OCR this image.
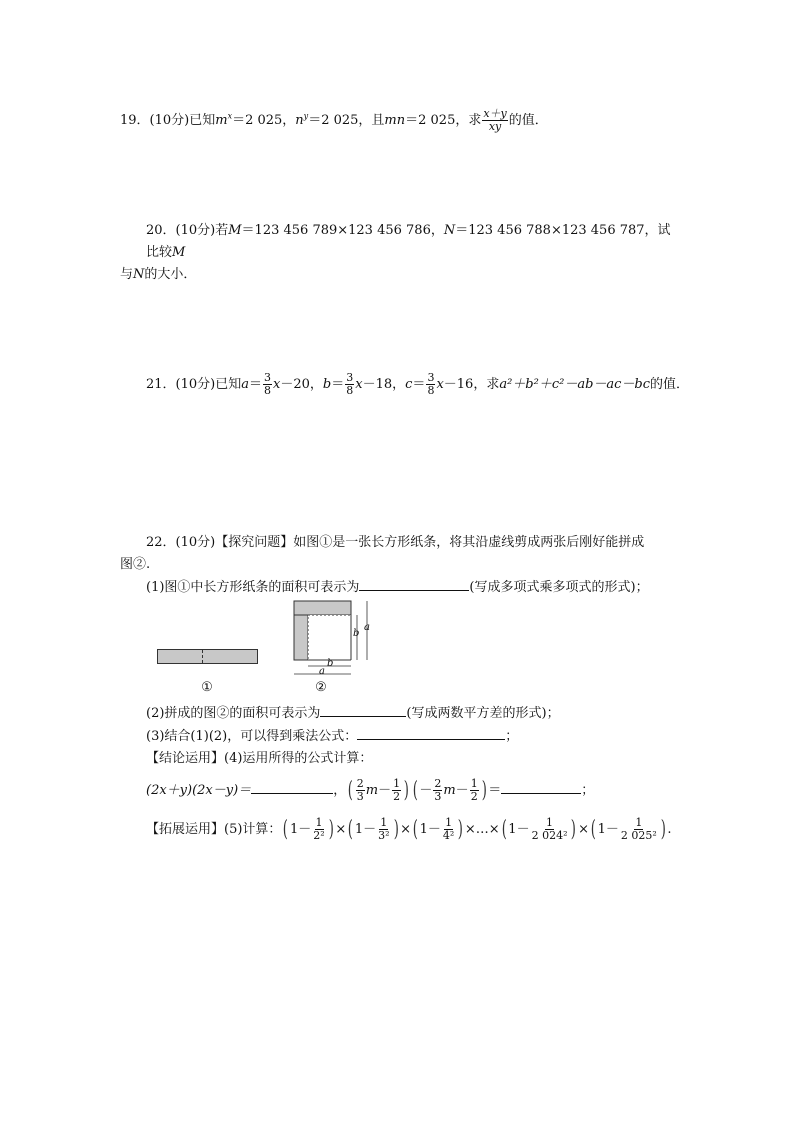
19．(10分)已知$m^x=2$ 025，$n^y=2$ 025，且mn＝2 025，求 $\frac{x+y}{xy}$ 的值．
20．(10分)若M＝123 456 789×123 456 786，N＝123 456 788×123 456 787，试比较M
与N的大小．
21．(10分)已知$a= \frac{3}{8} x-20$，$b= \frac{3}{8} x-18$，$c= \frac{3}{8} x-16$，求a²＋b²＋c²－ab－ac－bc的值．
22．(10分)【探究问题】如图①是一张长方形纸条，将其沿虚线剪成两张后刚好能拼成
图②.
(1)图①中长方形纸条的面积可表示为	(写成多项式乘多项式的形式)；
①
b
a
b
a
②
(2)拼成的图②的面积可表示为	(写成两数平方差的形式)；
(3)结合(1)(2)，可以得到乘法公式：	；
【结论运用】(4)运用所得的公式计算：
(2x＋y)(2x－y)＝	，( $\frac{2}{3} m- \frac{1}{2}$ ) ( － $\frac{2}{3} m- \frac{1}{2}$ ) ＝	；
【拓展运用】(5)计算：( $1- \frac{1}{\text{2²}}$ ) ×( $1- \frac{1}{\text{3²}}$ ) ×( $1- \frac{1}{\text{4²}}$ ) ×…×( $1- \frac{1}{\text{2 024²}}$ ) ×( $1- \frac{1}{\text{2 025²}}$ ) .
